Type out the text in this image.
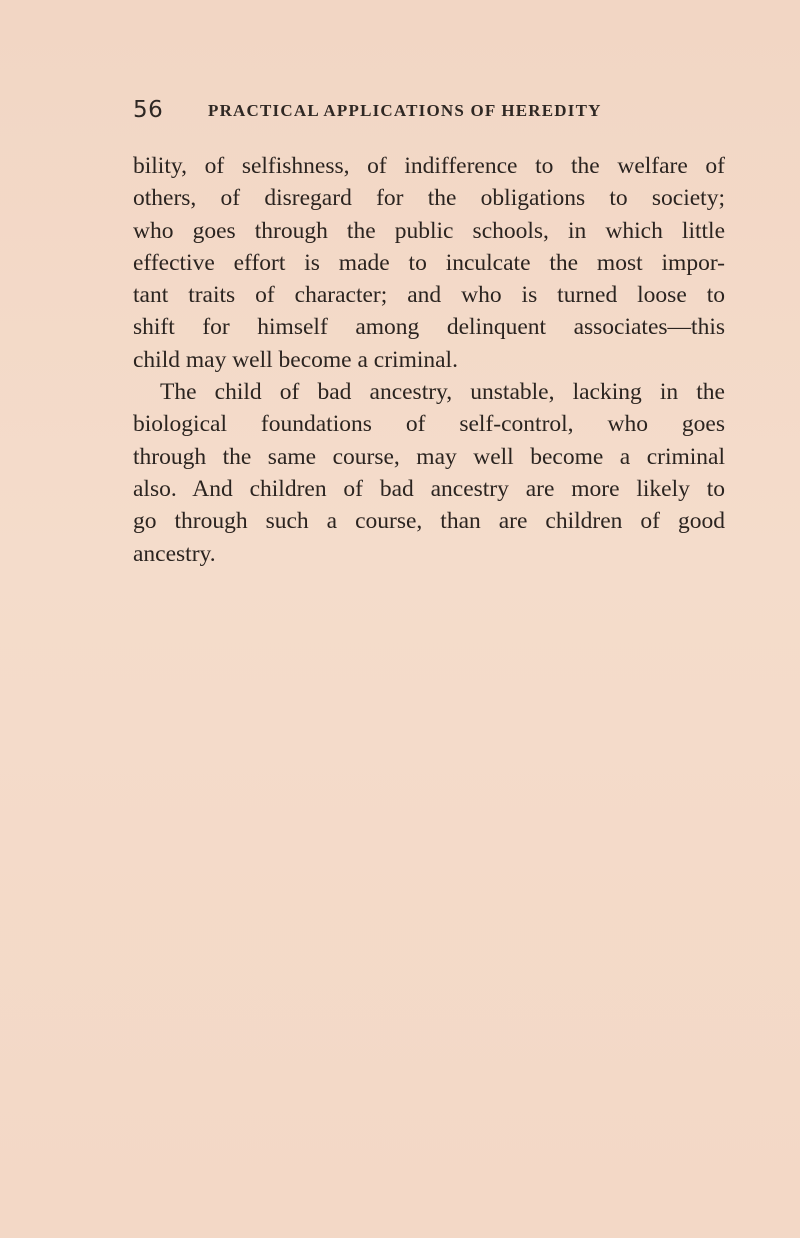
56	PRACTICAL APPLICATIONS OF HEREDITY
bility, of selfishness, of indifference to the welfare of
others, of disregard for the obligations to society;
who goes through the public schools, in which little
effective effort is made to inculcate the most impor-
tant traits of character; and who is turned loose to
shift for himself among delinquent associates—this
child may well become a criminal.
The child of bad ancestry, unstable, lacking in the
biological foundations of self-control, who goes
through the same course, may well become a criminal
also. And children of bad ancestry are more likely to
go through such a course, than are children of good
ancestry.
